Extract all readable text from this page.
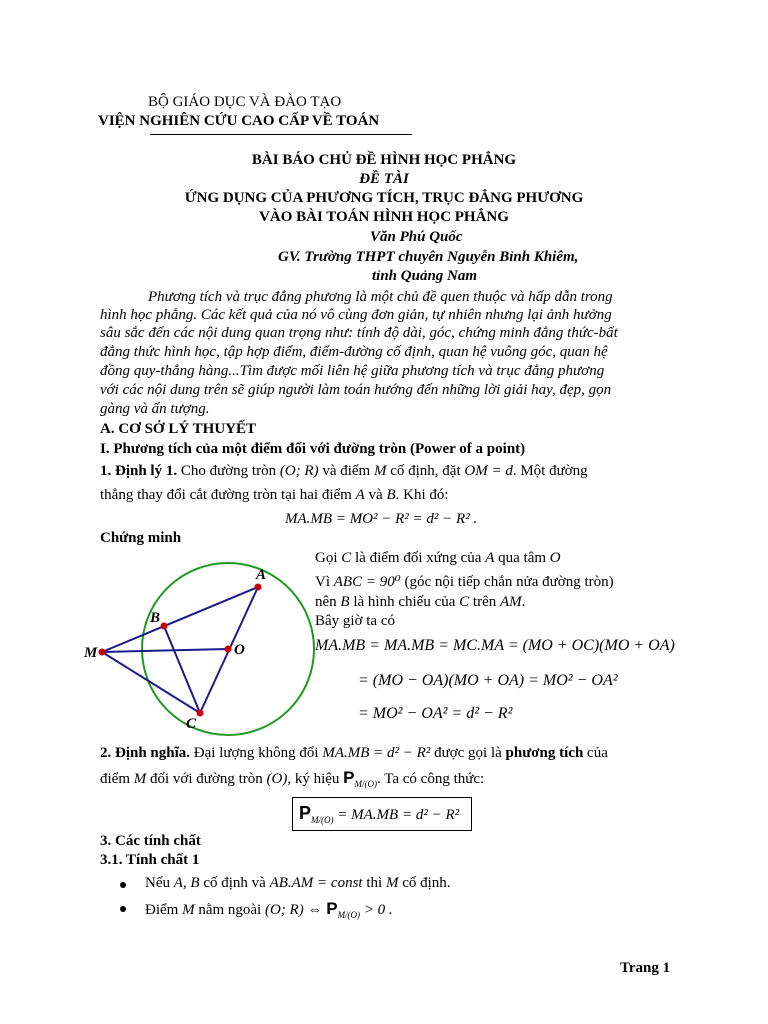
BỘ GIÁO DỤC VÀ ĐÀO TẠO
VIỆN NGHIÊN CỨU CAO CẤP VỀ TOÁN
BÀI BÁO CHỦ ĐỀ HÌNH HỌC PHẲNG
ĐỀ TÀI
ỨNG DỤNG CỦA PHƯƠNG TÍCH, TRỤC ĐẲNG PHƯƠNG
VÀO BÀI TOÁN HÌNH HỌC PHẲNG
Văn Phú Quốc
GV. Trường THPT chuyên Nguyễn Bỉnh Khiêm,
tỉnh Quảng Nam
Phương tích và trục đẳng phương là một chủ đề quen thuộc và hấp dẫn trong
hình học phẳng. Các kết quả của nó vô cùng đơn giản, tự nhiên nhưng lại ảnh hưởng
sâu sắc đến các nội dung quan trọng như: tính độ dài, góc, chứng minh đẳng thức-bất
đẳng thức hình học, tập hợp điểm, điểm-đường cố định, quan hệ vuông góc, quan hệ
đồng quy-thẳng hàng...Tìm được mối liên hệ giữa phương tích và trục đẳng phương
với các nội dung trên sẽ giúp người làm toán hướng đến những lời giải hay, đẹp, gọn
gàng và ấn tượng.
A. CƠ SỞ LÝ THUYẾT
I. Phương tích của một điểm đối với đường tròn (Power of a point)
1. Định lý 1. Cho đường tròn (O; R) và điểm M cố định, đặt OM = d. Một đường
thẳng thay đổi cắt đường tròn tại hai điểm A và B. Khi đó:
MA.MB = MO² − R² = d² − R² .
Chứng minh
Gọi C là điểm đối xứng của A qua tâm O
Vì ABC = 90⁰ (góc nội tiếp chắn nửa đường tròn)
nên B là hình chiếu của C trên AM.
Bây giờ ta có
MA.MB = MA.MB = MC.MA = (MO + OC)(MO + OA)
= (MO − OA)(MO + OA) = MO² − OA²
= MO² − OA² = d² − R²
A
B
M	O
C
2. Định nghĩa. Đại lượng không đổi MA.MB = d² − R² được gọi là phương tích của
điểm M đối với đường tròn (O), ký hiệu $P_{M/(O)}$. Ta có công thức:
$P_{M/(O)} = MA.MB = d^2 - R^2$
3. Các tính chất
3.1. Tính chất 1
Nếu A, B cố định và AB.AM = const thì M cố định.
Điểm M nằm ngoài (O; R) ⇔ $P_{M/(O)} > 0$ .
Trang 1
